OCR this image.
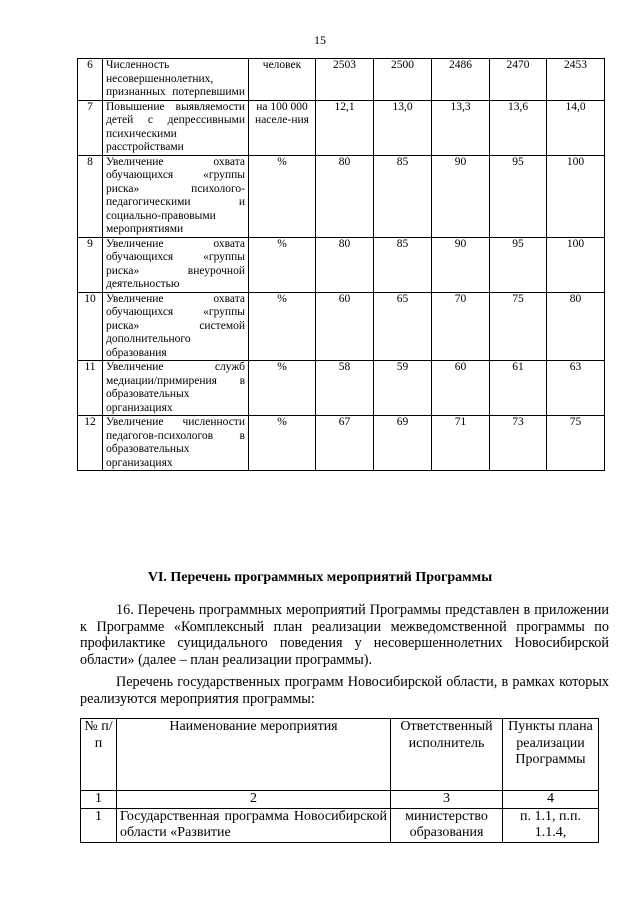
15
6	Численность несовершеннолетних, признанных потерпевшими	человек	2503	2500	2486	2470	2453
7	Повышение выявляемости детей с депрессивными психическими расстройствами	на 100 000 населе-ния	12,1	13,0	13,3	13,6	14,0
8	Увеличение охвата обучающихся «группы риска» психолого-педагогическими и социально-правовыми мероприятиями	%	80	85	90	95	100
9	Увеличение охвата обучающихся «группы риска» внеурочной деятельностью	%	80	85	90	95	100
10	Увеличение охвата обучающихся «группы риска» системой дополнительного образования	%	60	65	70	75	80
11	Увеличение служб медиации/примирения в образовательных организациях	%	58	59	60	61	63
12	Увеличение численности педагогов-психологов в образовательных организациях	%	67	69	71	73	75
VI. Перечень программных мероприятий Программы

16. Перечень программных мероприятий Программы представлен в приложении к Программе «Комплексный план реализации межведомственной программы по профилактике суицидального поведения у несовершеннолетних Новосибирской области» (далее – план реализации программы).

Перечень государственных программ Новосибирской области, в рамках которых реализуются мероприятия программы:

№ п/п	Наименование мероприятия	Ответственный исполнитель	Пункты плана реализации Программы
1	2	3	4
1	Государственная программа Новосибирской области «Развитие	министерство образования	п. 1.1, п.п. 1.1.4,
